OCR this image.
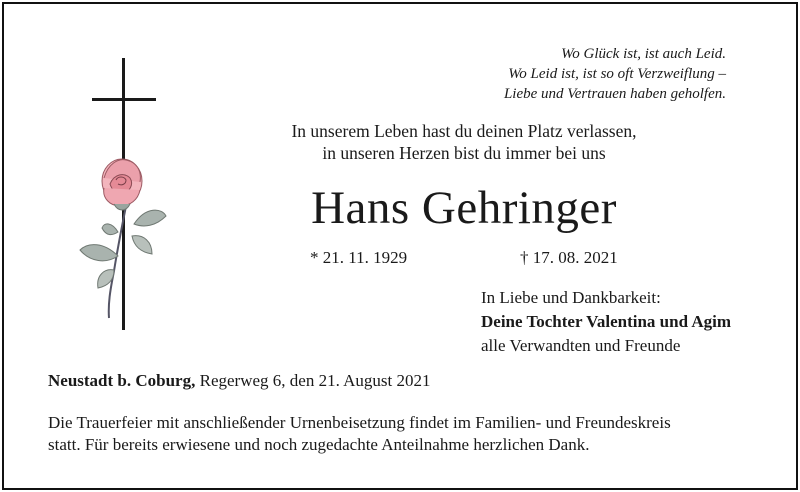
Wo Glück ist, ist auch Leid.
Wo Leid ist, ist so oft Verzweiflung –
Liebe und Vertrauen haben geholfen.
In unserem Leben hast du deinen Platz verlassen,
in unseren Herzen bist du immer bei uns
Hans Gehringer
* 21. 11. 1929	† 17. 08. 2021
In Liebe und Dankbarkeit:
Deine Tochter Valentina und Agim
alle Verwandten und Freunde
Neustadt b. Coburg, Regerweg 6, den 21. August 2021
Die Trauerfeier mit anschließender Urnenbeisetzung findet im Familien- und Freundeskreis
statt. Für bereits erwiesene und noch zugedachte Anteilnahme herzlichen Dank.
